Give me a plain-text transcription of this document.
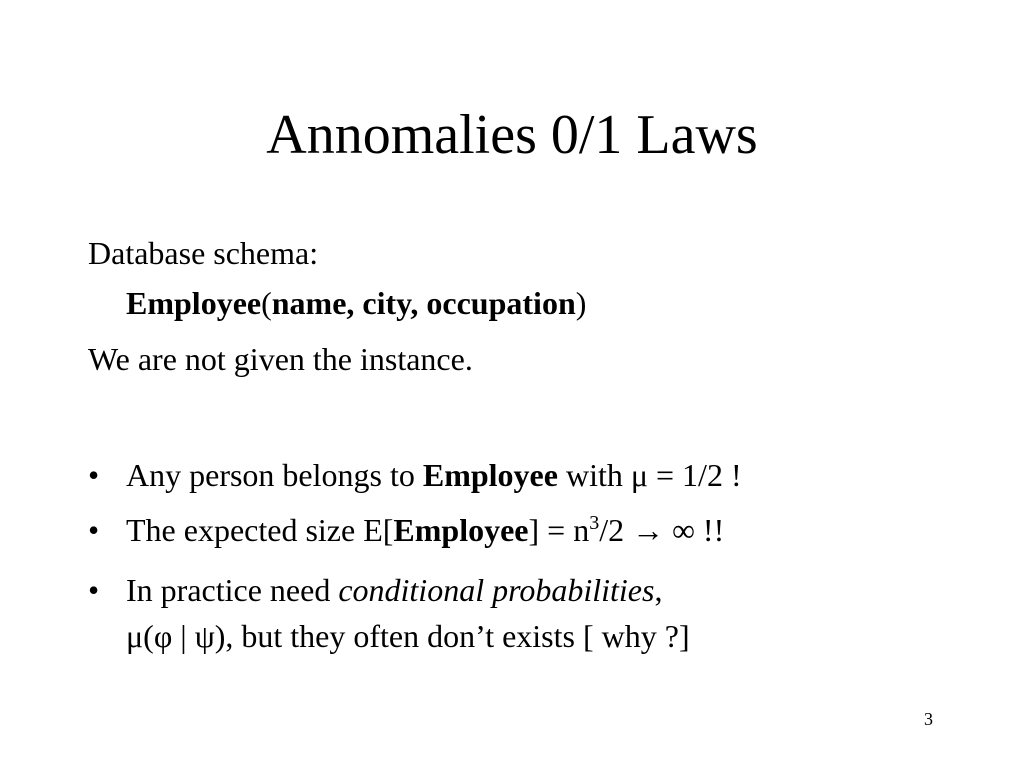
Annomalies 0/1 Laws
Database schema:
Employee(name, city, occupation)
We are not given the instance.
• Any person belongs to Employee with μ = 1/2 !
• The expected size E[Employee] = $n^3/2$ → ∞ !!
• In practice need conditional probabilities,
μ(φ | ψ), but they often don’t exists [ why ?]
3
